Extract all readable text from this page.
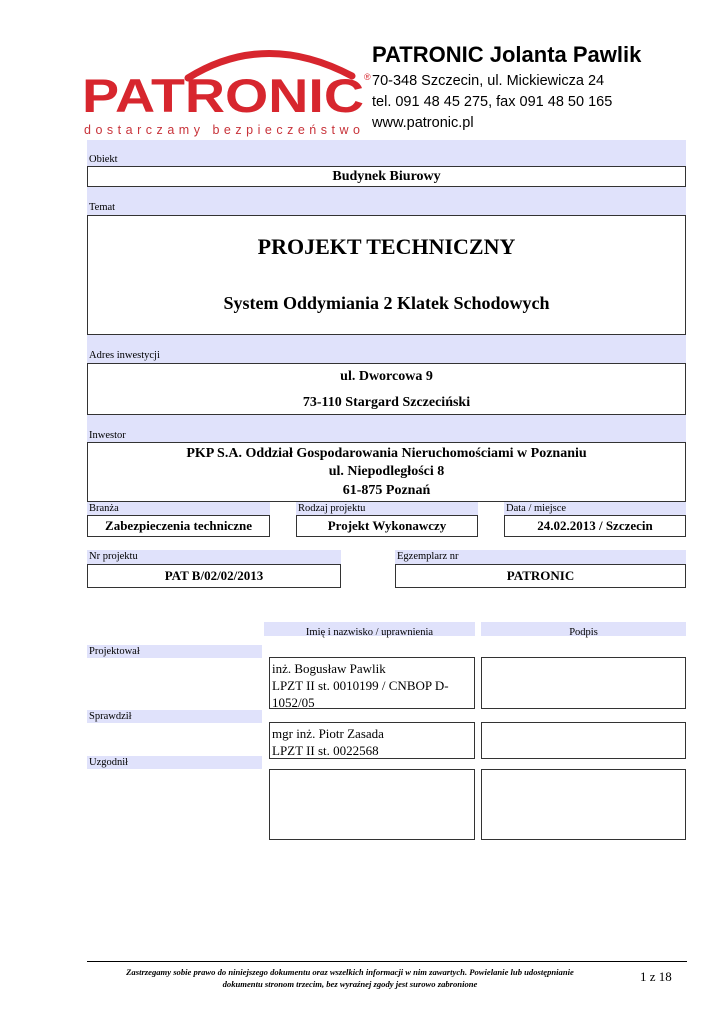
PATRONIC ®
dostarczamy bezpieczeństwo
PATRONIC Jolanta Pawlik
70-348 Szczecin, ul. Mickiewicza 24
tel. 091 48 45 275, fax 091 48 50 165
www.patronic.pl
Obiekt
Budynek Biurowy
Temat
PROJEKT TECHNICZNY
System Oddymiania 2 Klatek Schodowych
Adres inwestycji
ul. Dworcowa 9
73-110 Stargard Szczeciński
Inwestor
PKP S.A. Oddział Gospodarowania Nieruchomościami w Poznaniu
ul. Niepodległości 8
61-875 Poznań
Branża
Zabezpieczenia techniczne
Rodzaj projektu
Projekt Wykonawczy
Data / miejsce
24.02.2013 / Szczecin
Nr projektu
PAT B/02/02/2013
Egzemplarz nr
PATRONIC
Imię i nazwisko / uprawnienia	Podpis
Projektował
inż. Bogusław Pawlik
LPZT II st. 0010199 / CNBOP D-
1052/05
Sprawdził
mgr inż. Piotr Zasada
LPZT II st. 0022568
Uzgodnił
Zastrzegamy sobie prawo do niniejszego dokumentu oraz wszelkich informacji w nim zawartych. Powielanie lub udostępnianie
dokumentu stronom trzecim, bez wyraźnej zgody jest surowo zabronione	1 z 18
